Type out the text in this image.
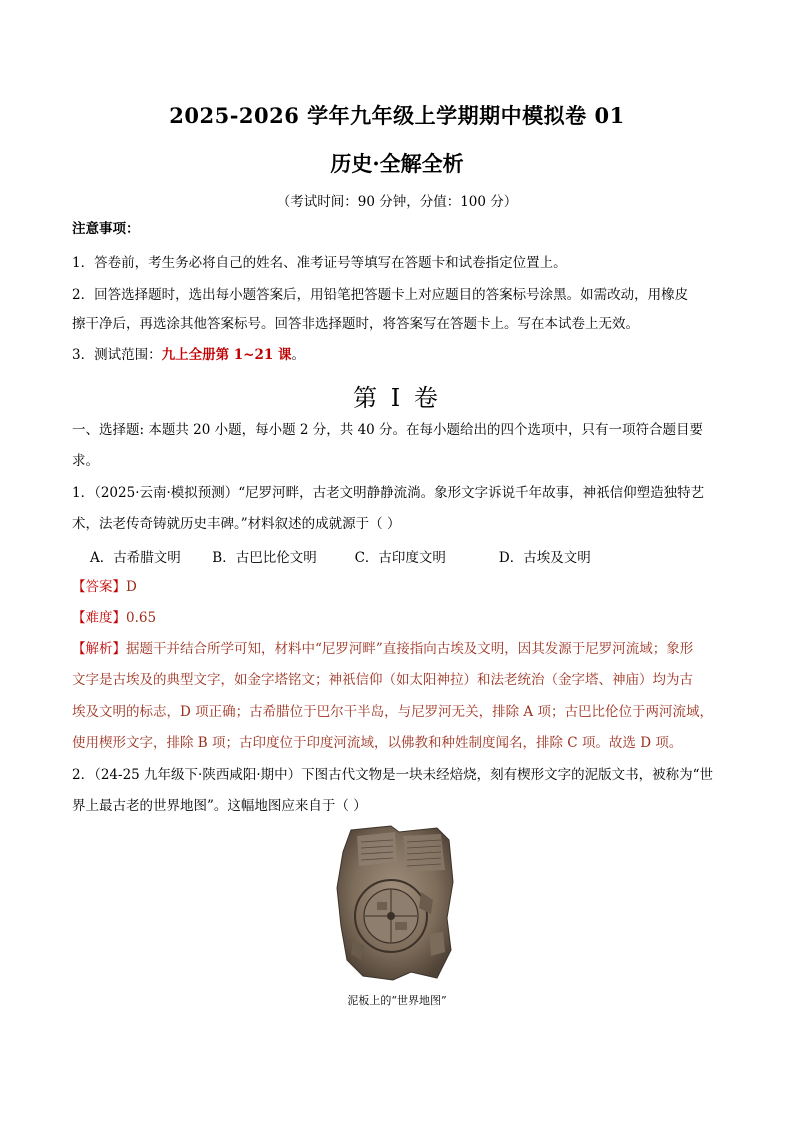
2025-2026 学年九年级上学期期中模拟卷 01
历史·全解全析
（考试时间：90 分钟，分值：100 分）
注意事项：
1．答卷前，考生务必将自己的姓名、准考证号等填写在答题卡和试卷指定位置上。
2．回答选择题时，选出每小题答案后，用铅笔把答题卡上对应题目的答案标号涂黑。如需改动，用橡皮
擦干净后，再选涂其他答案标号。回答非选择题时，将答案写在答题卡上。写在本试卷上无效。
3．测试范围：九上全册第 1~21 课。
第 I 卷
一、选择题: 本题共 20 小题，每小题 2 分，共 40 分。在每小题给出的四个选项中，只有一项符合题目要
求。
1．（2025·云南·模拟预测）“尼罗河畔，古老文明静静流淌。象形文字诉说千年故事，神祇信仰塑造独特艺
术，法老传奇铸就历史丰碑。”材料叙述的成就源于（ ）
A．古希腊文明 B．古巴比伦文明	C．古印度文明	D．古埃及文明
【答案】D
【难度】0.65
【解析】据题干并结合所学可知，材料中“尼罗河畔”直接指向古埃及文明，因其发源于尼罗河流域；象形
文字是古埃及的典型文字，如金字塔铭文；神祇信仰（如太阳神拉）和法老统治（金字塔、神庙）均为古
埃及文明的标志，D 项正确；古希腊位于巴尔干半岛，与尼罗河无关，排除 A 项；古巴比伦位于两河流域，
使用楔形文字，排除 B 项；古印度位于印度河流域，以佛教和种姓制度闻名，排除 C 项。故选 D 项。
2．（24-25 九年级下·陕西咸阳·期中）下图古代文物是一块未经焙烧，刻有楔形文字的泥版文书，被称为“世
界上最古老的世界地图”。这幅地图应来自于（ ）
泥板上的“世界地图”
